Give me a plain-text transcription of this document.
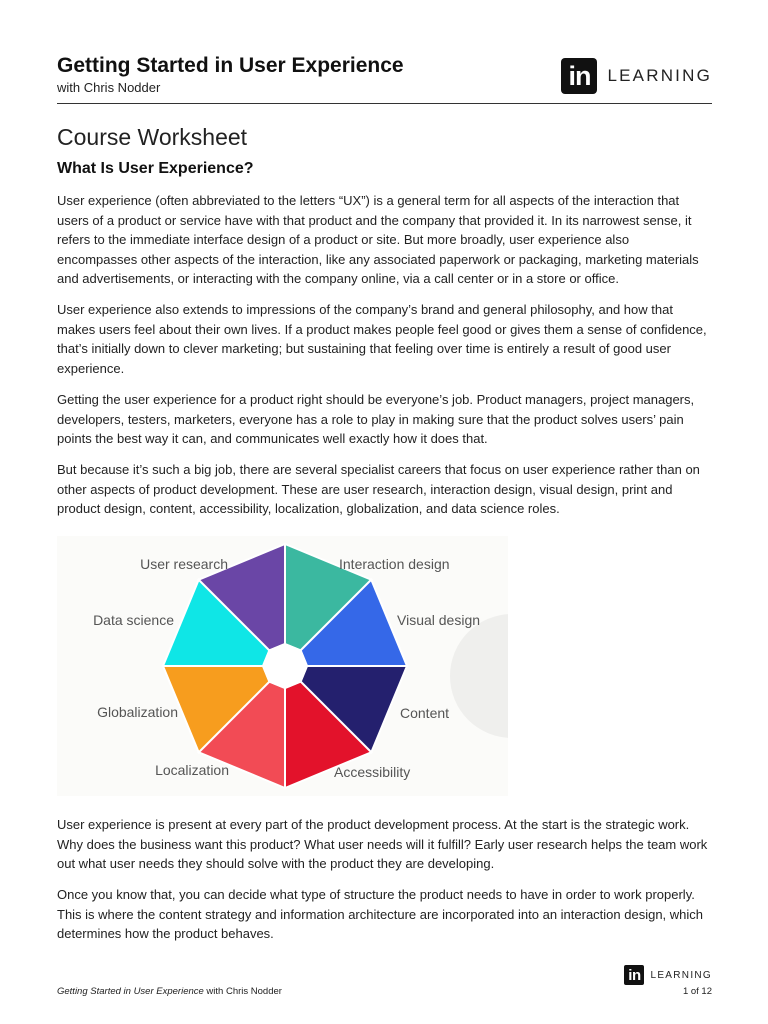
Getting Started in User Experience
with Chris Nodder	in	LEARNING
Course Worksheet
What Is User Experience?

User experience (often abbreviated to the letters “UX”) is a general term for all aspects of the interaction that users of a product or service have with that product and the company that provided it. In its narrowest sense, it refers to the immediate interface design of a product or site. But more broadly, user experience also encompasses other aspects of the interaction, like any associated paperwork or packaging, marketing materials and advertisements, or interacting with the company online, via a call center or in a store or office.

User experience also extends to impressions of the company’s brand and general philosophy, and how that makes users feel about their own lives. If a product makes people feel good or gives them a sense of confidence, that’s initially down to clever marketing; but sustaining that feeling over time is entirely a result of good user experience.

Getting the user experience for a product right should be everyone’s job. Product managers, project managers, developers, testers, marketers, everyone has a role to play in making sure that the product solves users’ pain points the best way it can, and communicates well exactly how it does that.

But because it’s such a big job, there are several specialist careers that focus on user experience rather than on other aspects of product development. These are user research, interaction design, visual design, print and product design, content, accessibility, localization, globalization, and data science roles.

Interaction design
Visual design
Content
Accessibility
Localization
Globalization
Data science
User research

User experience is present at every part of the product development process. At the start is the strategic work. Why does the business want this product? What user needs will it fulfill? Early user research helps the team work out what user needs they should solve with the product they are developing.

Once you know that, you can decide what type of structure the product needs to have in order to work properly. This is where the content strategy and information architecture are incorporated into an interaction design, which determines how the product behaves.

in LEARNING
Getting Started in User Experience with Chris Nodder	1 of 12
